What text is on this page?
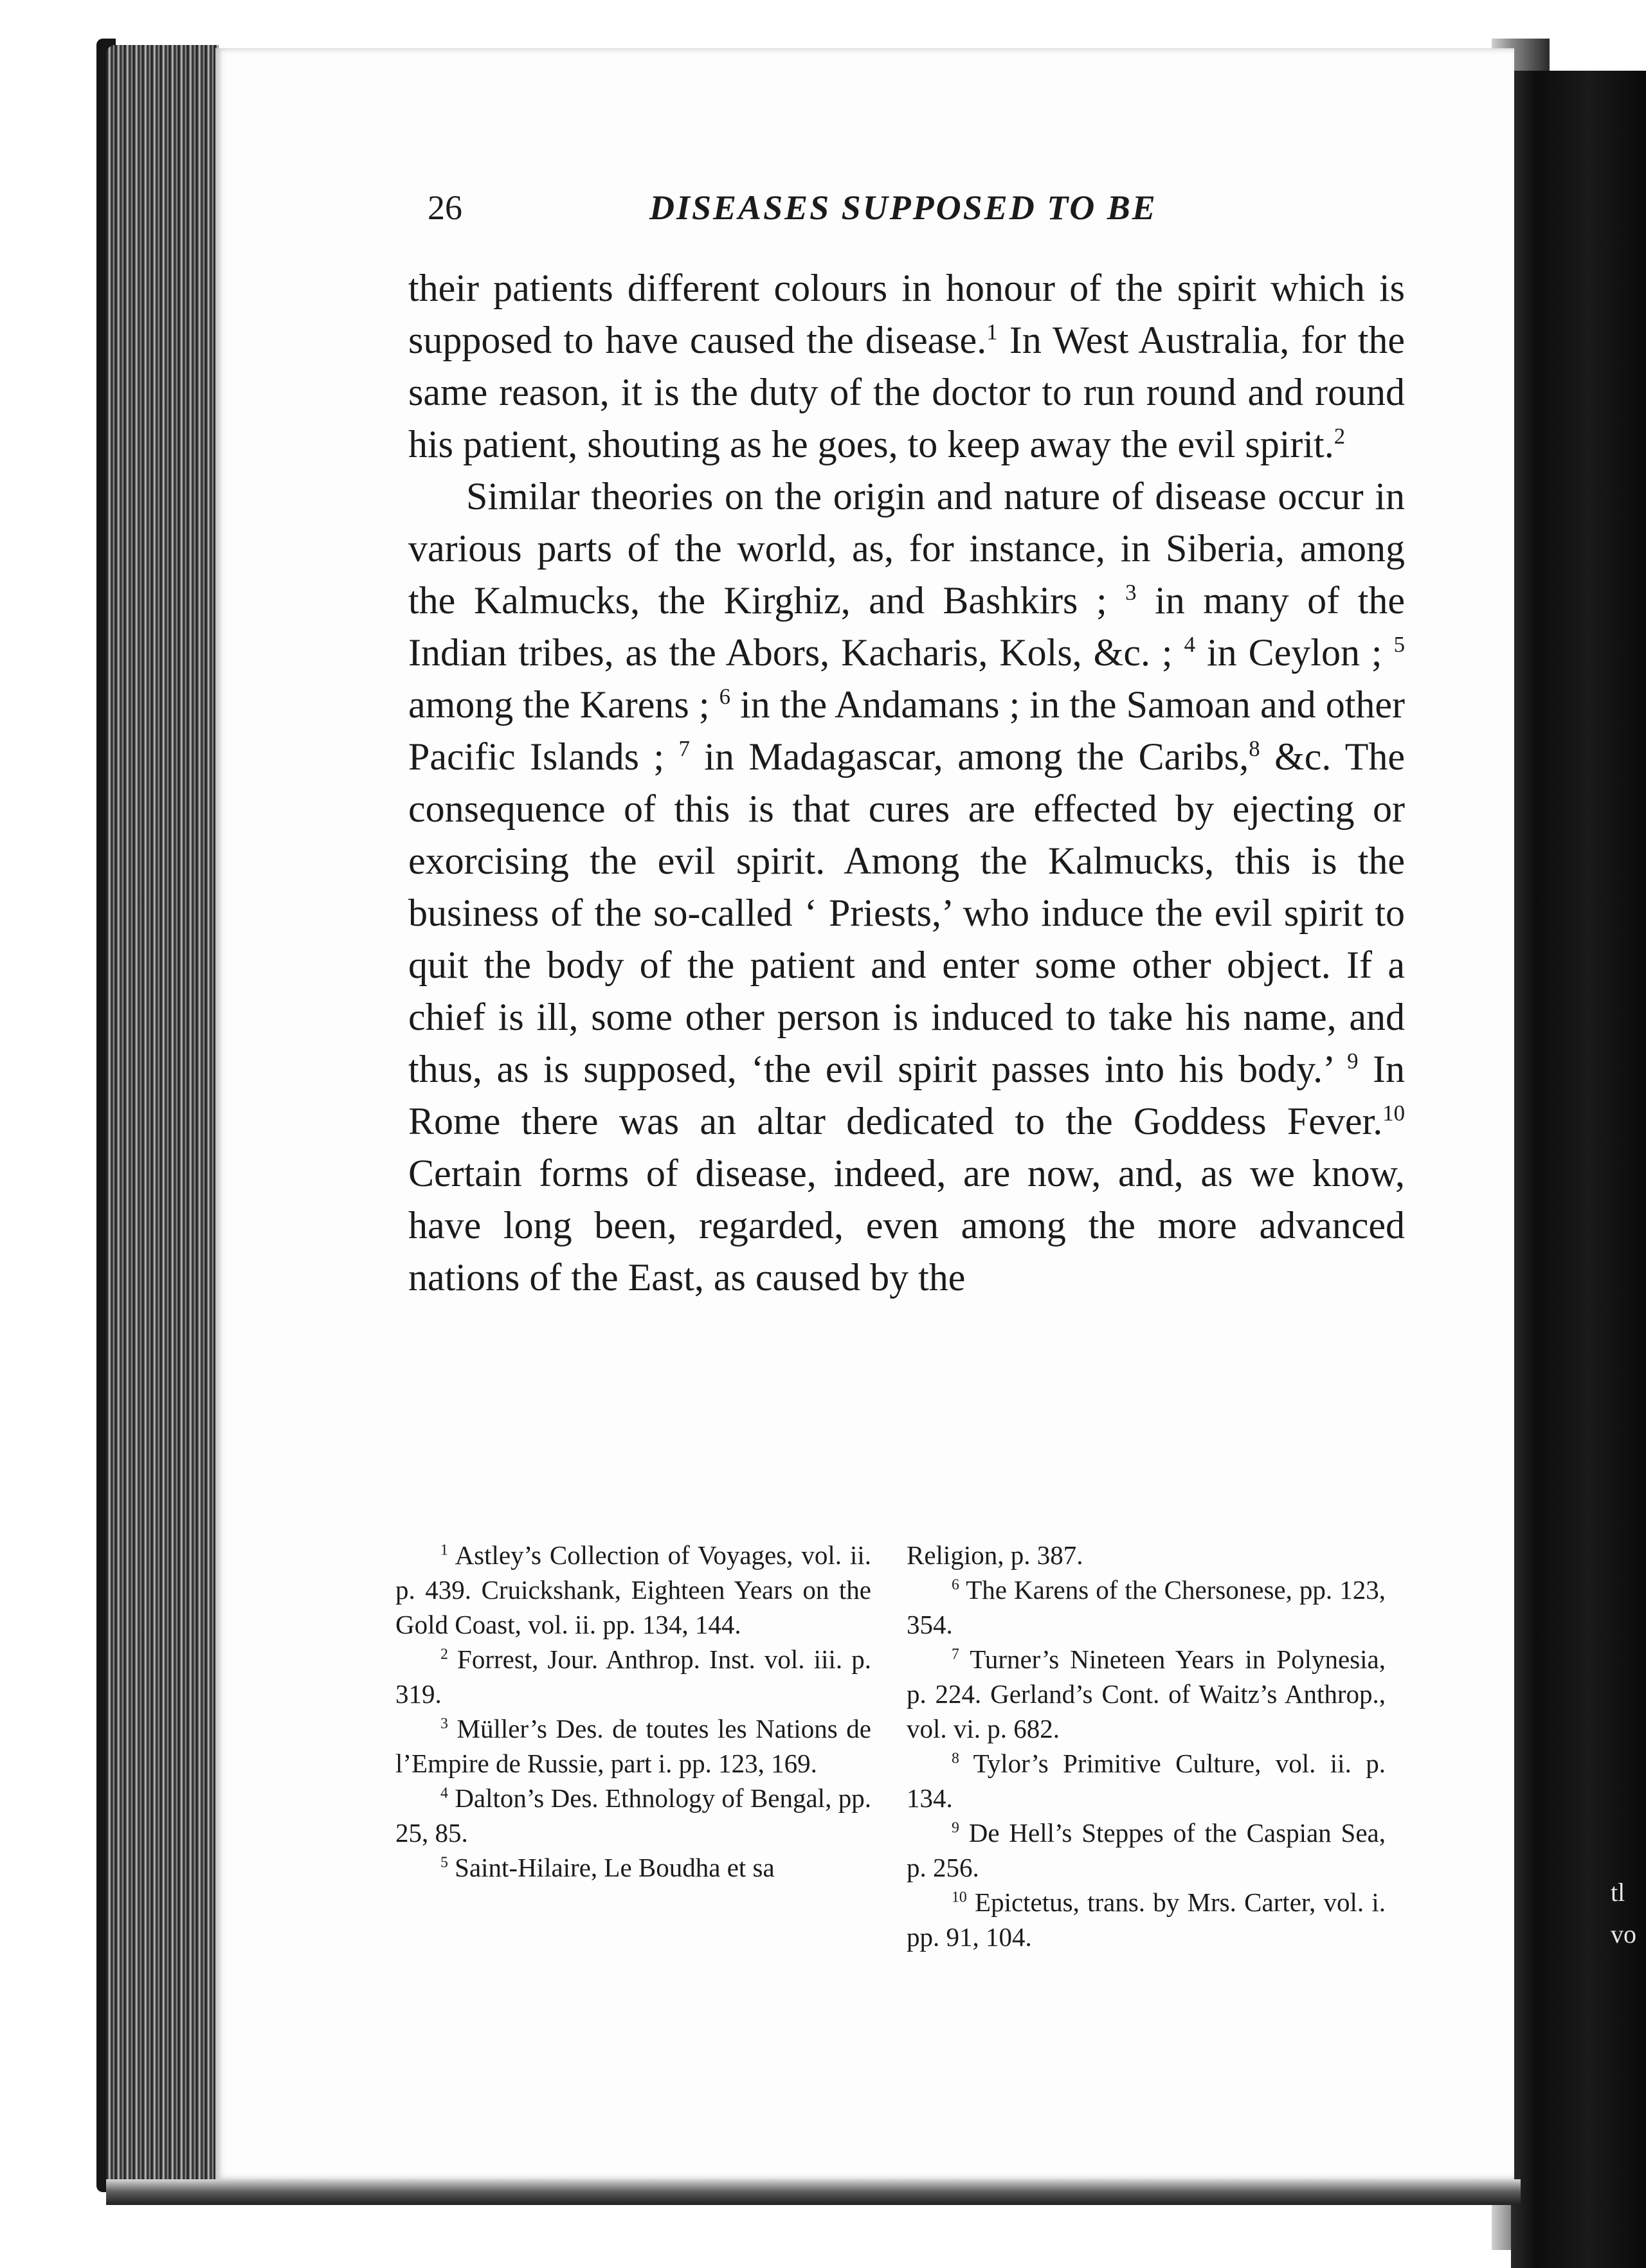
tl
vo
26	DISEASES SUPPOSED TO BE

their patients different colours in honour of the spirit which is supposed to have caused the disease.$^1$ In West Australia, for the same reason, it is the duty of the doctor to run round and round his patient, shouting as he goes, to keep away the evil spirit.$^2$

Similar theories on the origin and nature of disease occur in various parts of the world, as, for instance, in Siberia, among the Kalmucks, the Kirghiz, and Bashkirs ; $^3$ in many of the Indian tribes, as the Abors, Kacharis, Kols, &c. ; $^4$ in Ceylon ; $^5$ among the Karens ; $^6$ in the Andamans ; in the Samoan and other Pacific Islands ; $^7$ in Madagascar, among the Caribs,$^8$ &c. The consequence of this is that cures are effected by ejecting or exorcising the evil spirit. Among the Kalmucks, this is the business of the so-called ‘ Priests,’ who induce the evil spirit to quit the body of the patient and enter some other object. If a chief is ill, some other person is induced to take his name, and thus, as is supposed, ‘the evil spirit passes into his body.’ $^9$ In Rome there was an altar dedicated to the Goddess Fever.$^{10}$ Certain forms of disease, indeed, are now, and, as we know, have long been, regarded, even among the more advanced nations of the East, as caused by the

$^1$ Astley’s Collection of Voyages, vol. ii. p. 439. Cruickshank, Eighteen Years on the Gold Coast, vol. ii. pp. 134, 144.

$^2$ Forrest, Jour. Anthrop. Inst. vol. iii. p. 319.

$^3$ Müller’s Des. de toutes les Nations de l’Empire de Russie, part i. pp. 123, 169.

$^4$ Dalton’s Des. Ethnology of Bengal, pp. 25, 85.

$^5$ Saint-Hilaire, Le Boudha et sa

Religion, p. 387.

$^6$ The Karens of the Chersonese, pp. 123, 354.

$^7$ Turner’s Nineteen Years in Polynesia, p. 224. Gerland’s Cont. of Waitz’s Anthrop., vol. vi. p. 682.

$^8$ Tylor’s Primitive Culture, vol. ii. p. 134.

$^9$ De Hell’s Steppes of the Caspian Sea, p. 256.

$^{10}$ Epictetus, trans. by Mrs. Carter, vol. i. pp. 91, 104.
